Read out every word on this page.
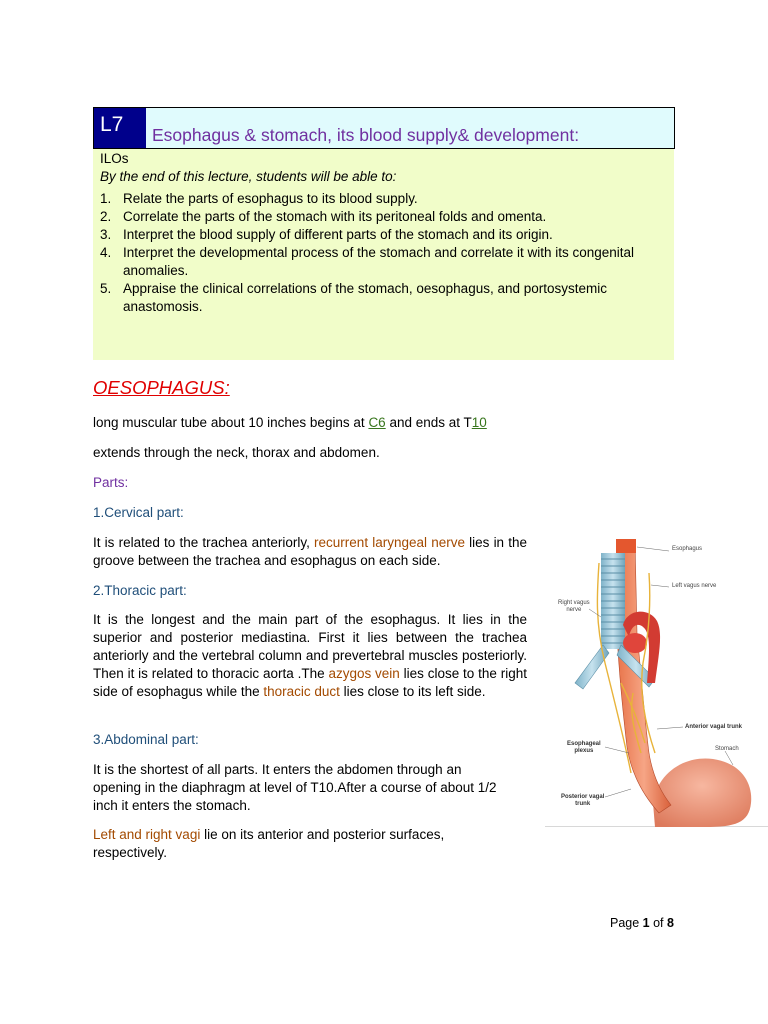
L7	Esophagus & stomach, its blood supply& development:
ILOs
By the end of this lecture, students will be able to:
1. Relate the parts of esophagus to its blood supply.
2. Correlate the parts of the stomach with its peritoneal folds and omenta.
3. Interpret the blood supply of different parts of the stomach and its origin.
4. Interpret the developmental process of the stomach and correlate it with its congenital anomalies.
5. Appraise the clinical correlations of the stomach, oesophagus, and portosystemic anastomosis.
OESOPHAGUS:
long muscular tube about 10 inches begins at C6 and ends at T10
extends through the neck, thorax and abdomen.
Parts:
1.Cervical part:
It is related to the trachea anteriorly, recurrent laryngeal nerve lies in the groove between the trachea and esophagus on each side.
2.Thoracic part:
It is the longest and the main part of the esophagus. It lies in the superior and posterior mediastina. First it lies between the trachea anteriorly and the vertebral column and prevertebral muscles posteriorly. Then it is related to thoracic aorta .The azygos vein lies close to the right side of esophagus while the thoracic duct lies close to its left side.
3.Abdominal part:
It is the shortest of all parts. It enters the abdomen through an
opening in the diaphragm at level of T10.After a course of about 1/2
inch it enters the stomach.
Left and right vagi lie on its anterior and posterior surfaces,
respectively.
Esophagus
Left vagus nerve
Right vagus
nerve
Anterior vagal trunk
Esophageal
plexus	Stomach
Posterior vagal
trunk
Page 1 of 8
